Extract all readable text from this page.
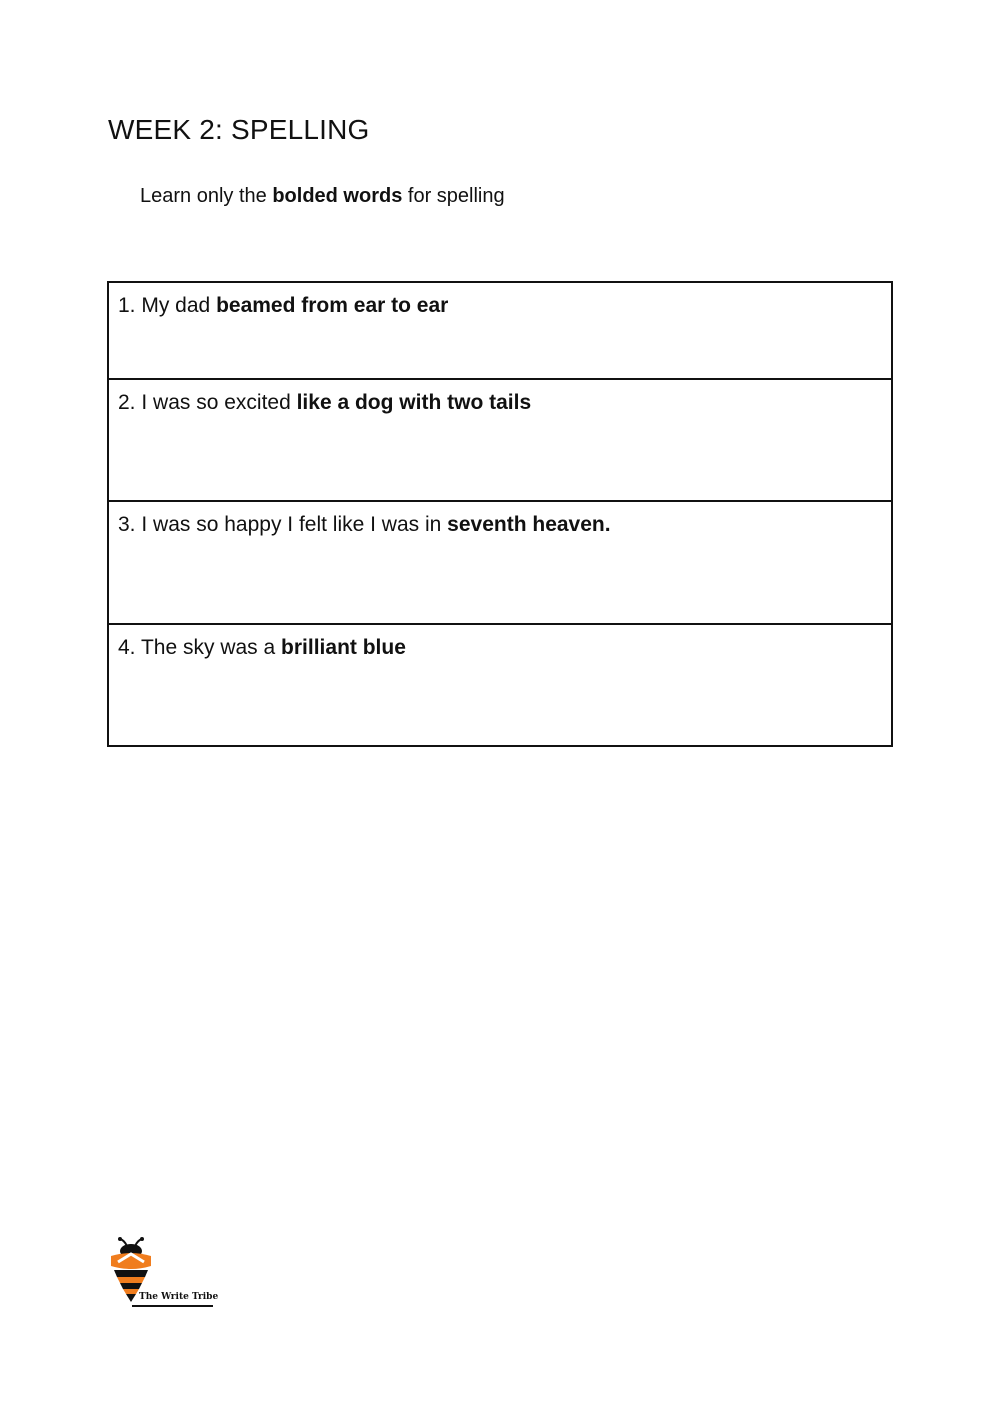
WEEK 2: SPELLING

Learn only the bolded words for spelling

1. My dad beamed from ear to ear
2. I was so excited like a dog with two tails
3. I was so happy I felt like I was in seventh heaven.
4. The sky was a brilliant blue

The Write Tribe
